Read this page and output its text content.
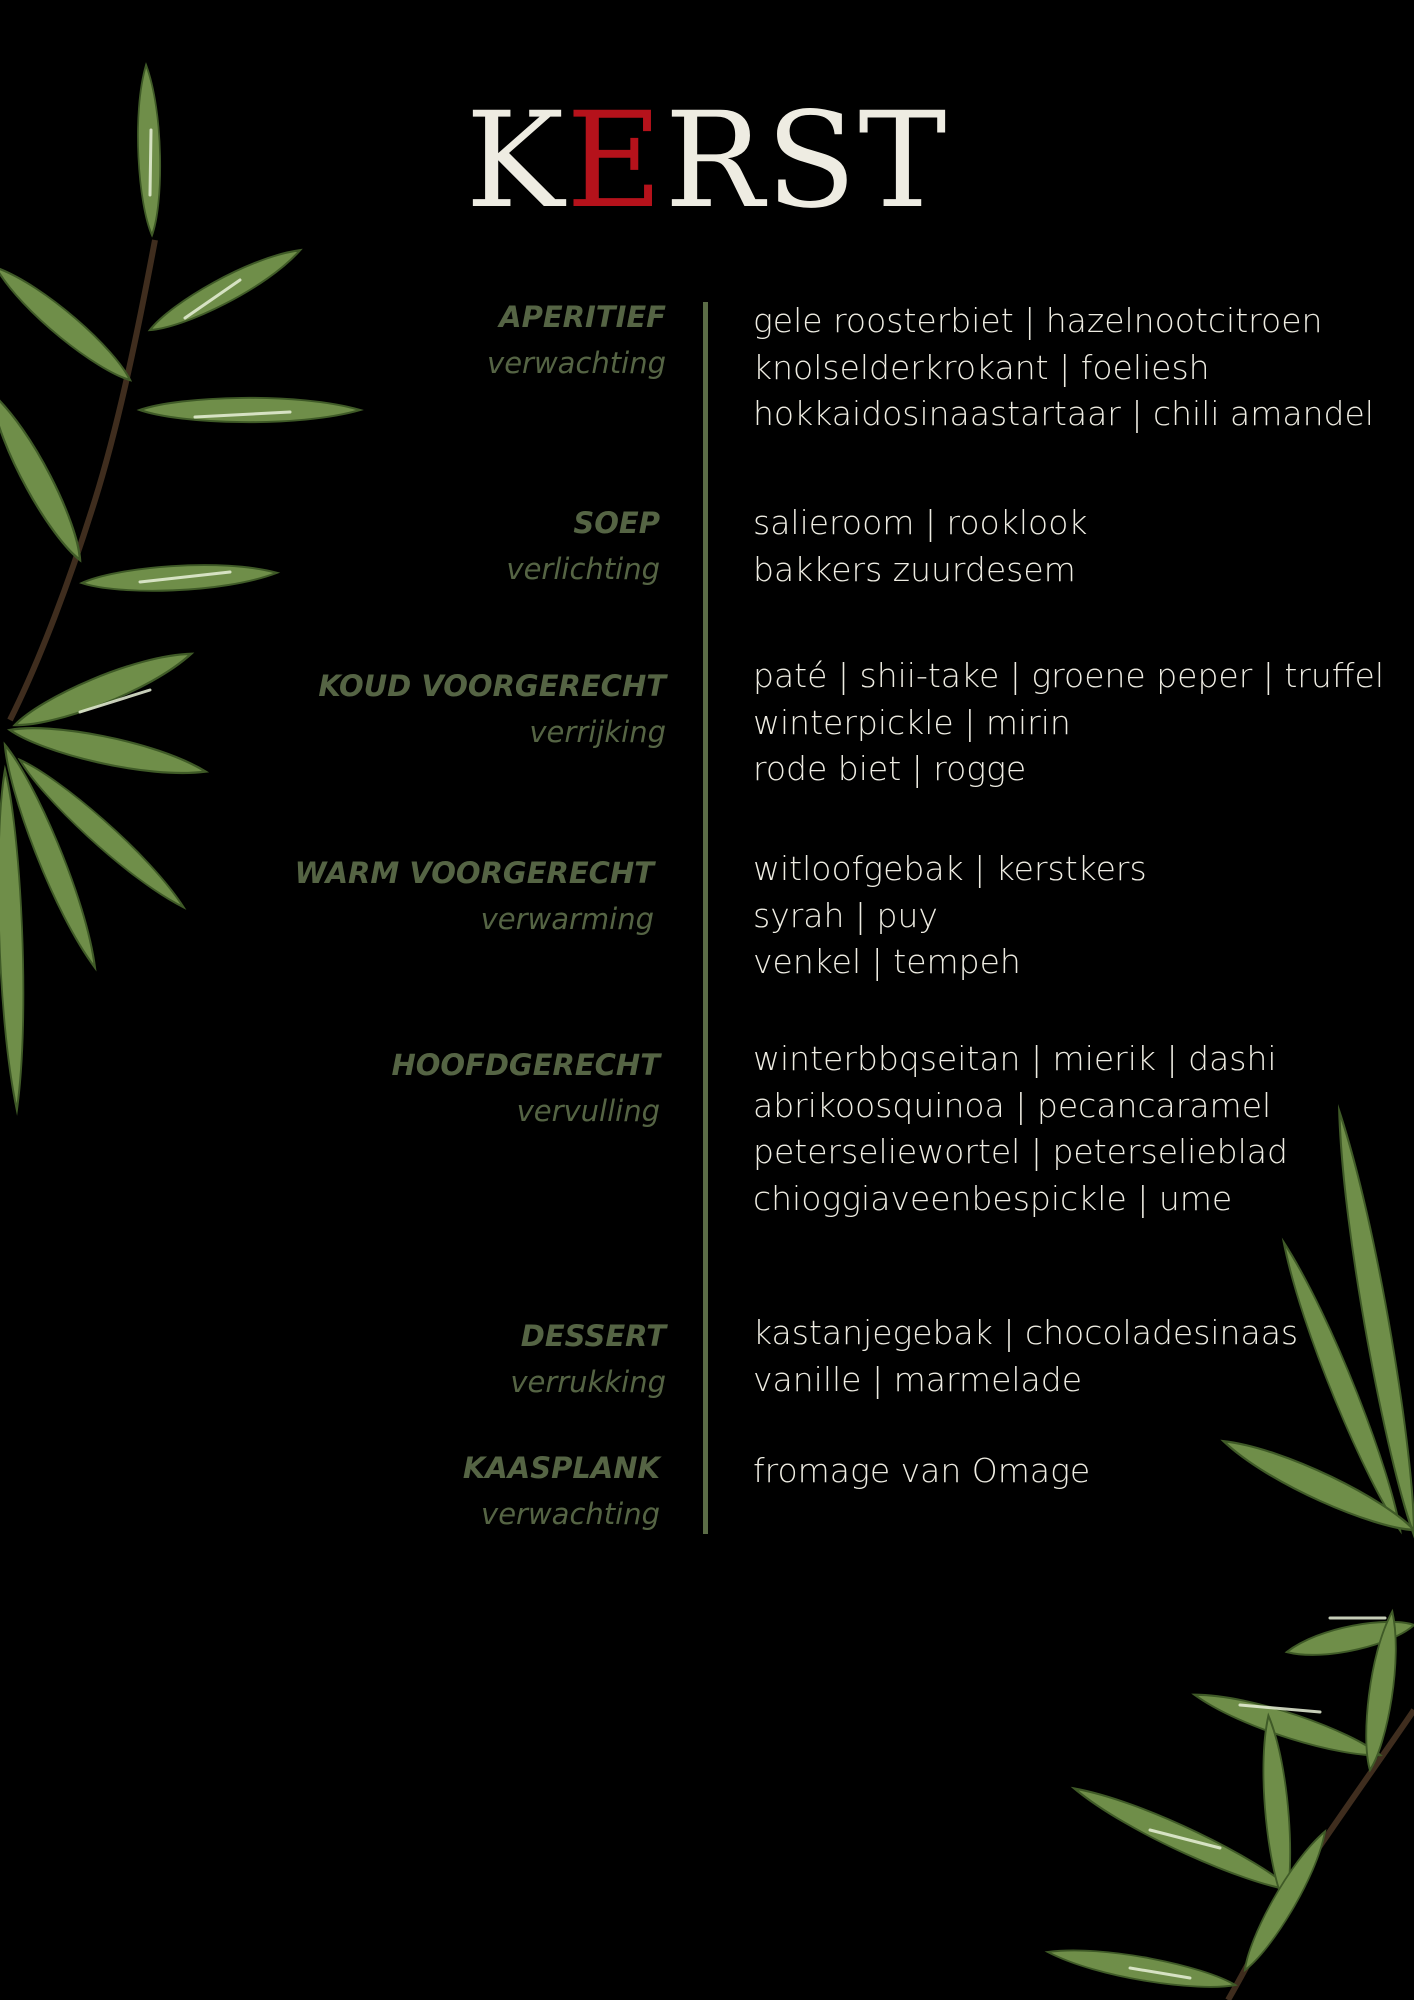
KERST
APERITIEF
verwachting
gele roosterbiet | hazelnootcitroen
knolselderkrokant | foeliesh
hokkaidosinaastartaar | chili amandel
SOEP
verlichting
salieroom | rooklook
bakkers zuurdesem
KOUD VOORGERECHT
verrijking
paté | shii-take | groene peper | truffel
winterpickle | mirin
rode biet | rogge
WARM VOORGERECHT
verwarming
witloofgebak | kerstkers
syrah | puy
venkel | tempeh
HOOFDGERECHT
vervulling
winterbbqseitan | mierik | dashi
abrikoosquinoa | pecancaramel
peterseliewortel | peterselieblad
chioggiaveenbespickle | ume
DESSERT
verrukking
kastanjegebak | chocoladesinaas
vanille | marmelade
KAASPLANK
verwachting
fromage van Omage
